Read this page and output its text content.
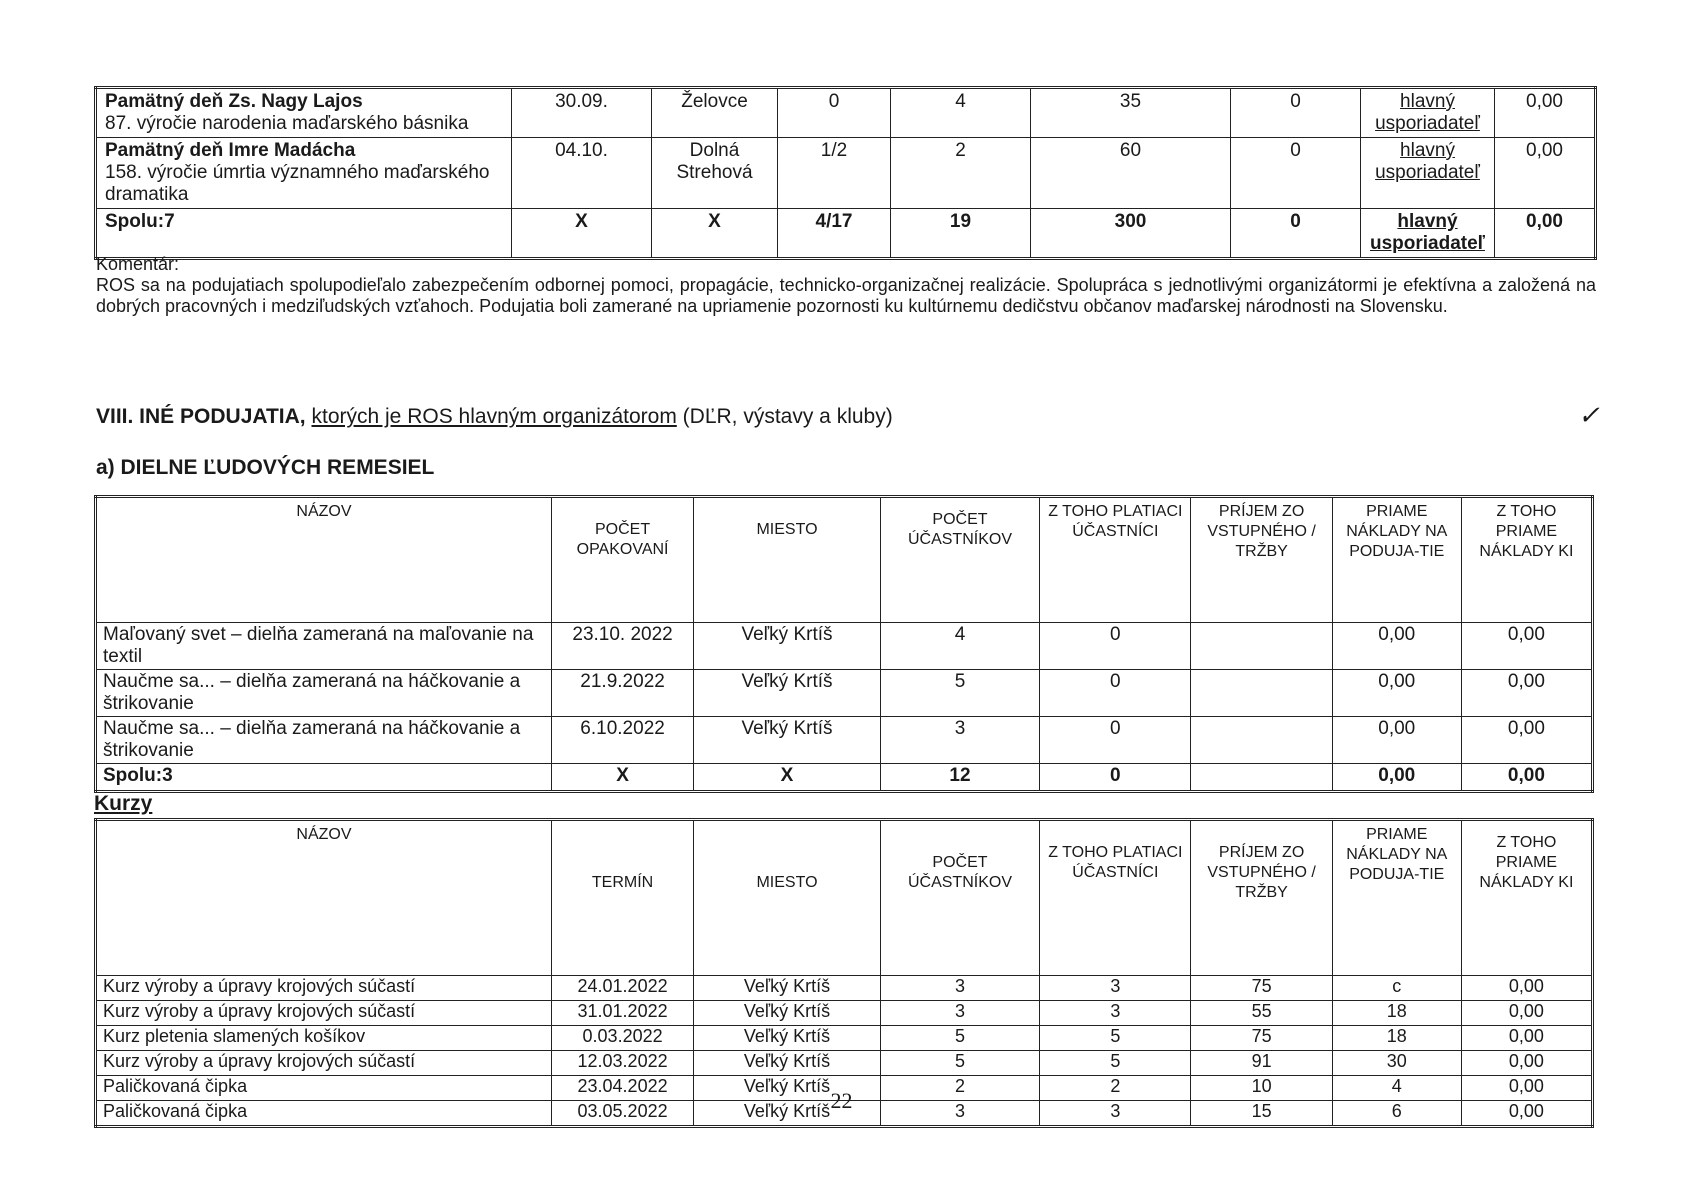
Pamätný deň Zs. Nagy Lajos
87. výročie narodenia maďarského básnika	30.09.	Želovce	0	4	35	0	hlavný usporiadateľ	0,00
Pamätný deň Imre Madácha
158. výročie úmrtia významného maďarského dramatika	04.10.	Dolná Strehová	1/2	2	60	0	hlavný usporiadateľ	0,00
Spolu:7	X	X	4/17	19	300	0	hlavný usporiadateľ	0,00

Komentár:

ROS sa na podujatiach spolupodieľalo zabezpečením odbornej pomoci, propagácie, technicko-organizačnej realizácie. Spolupráca s jednotlivými organizátormi je efektívna a založená na dobrých pracovných i medziľudských vzťahoch. Podujatia boli zamerané na upriamenie pozornosti ku kultúrnemu dedičstvu občanov maďarskej národnosti na Slovensku.

VIII. INÉ PODUJATIA, ktorých je ROS hlavným organizátorom (DĽR, výstavy a kluby)	✓
a) DIELNE ĽUDOVÝCH REMESIEL
NÁZOV	POČET OPAKOVANÍ	MIESTO	POČET ÚČASTNÍKOV	Z TOHO PLATIACI ÚČASTNÍCI	PRÍJEM ZO VSTUPNÉHO / TRŽBY	PRIAME NÁKLADY NA PODUJA-TIE	Z TOHO PRIAME NÁKLADY KI
Maľovaný svet – dielňa zameraná na maľovanie na textil	23.10. 2022	Veľký Krtíš	4	0		0,00	0,00
Naučme sa... – dielňa zameraná na háčkovanie a štrikovanie	21.9.2022	Veľký Krtíš	5	0		0,00	0,00
Naučme sa... – dielňa zameraná na háčkovanie a štrikovanie	6.10.2022	Veľký Krtíš	3	0		0,00	0,00
Spolu:3	X	X	12	0		0,00	0,00
Kurzy
NÁZOV	TERMÍN	MIESTO	POČET ÚČASTNÍKOV	Z TOHO PLATIACI ÚČASTNÍCI	PRÍJEM ZO VSTUPNÉHO / TRŽBY	PRIAME NÁKLADY NA PODUJA-TIE	Z TOHO PRIAME NÁKLADY KI
Kurz výroby a úpravy krojových súčastí	24.01.2022	Veľký Krtíš	3	3	75	c	0,00
Kurz výroby a úpravy krojových súčastí	31.01.2022	Veľký Krtíš	3	3	55	18	0,00
Kurz pletenia slamených košíkov	0.03.2022	Veľký Krtíš	5	5	75	18	0,00
Kurz výroby a úpravy krojových súčastí	12.03.2022	Veľký Krtíš	5	5	91	30	0,00
Paličkovaná čipka	23.04.2022	Veľký Krtíš	2	2	10	4	0,00
Paličkovaná čipka	03.05.2022	Veľký Krtíš	3	3	15	6	0,00
22
